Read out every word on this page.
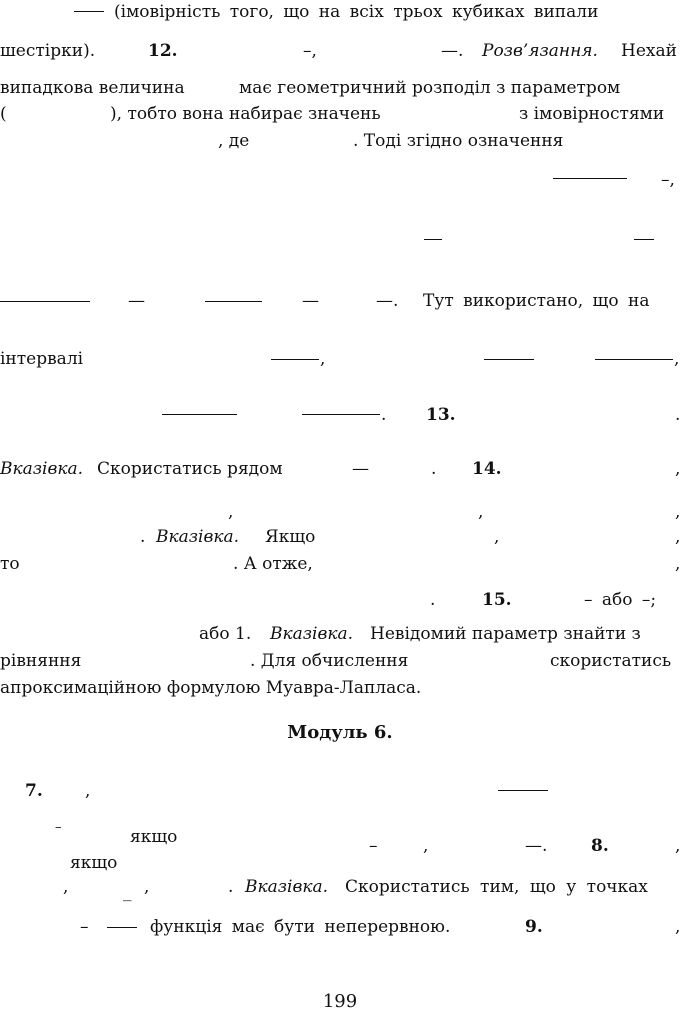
(імовірність того, що на всіх трьох кубиках випали
шестірки).	12.	–,	—. Розв’язання. Нехай
випадкова величина	має геометричний розподіл з параметром
(	), тобто вона набирає значень	з імовірностями
, де	. Тоді згідно означення
–,
—	—	—. Тут використано, що на
інтервалі	,	,
. 13.	.
Вказівка. Скористатись рядом	—	. 14.	,
,	,	,
. Вказівка. Якщо	,	,
то	. А отже,	,
.	15.	– або –;
або 1. Вказівка. Невідомий параметр знайти з
рівняння	. Для обчислення	скористатись
апроксимаційною формулою Муавра-Лапласа.
Модуль 6.
7. ,
–	якщо	–	,	—.	8.	,
якщо
,	_ ,	. Вказівка. Скористатись тим, що у точках
–	функція має бути неперервною.	9.	,
199
